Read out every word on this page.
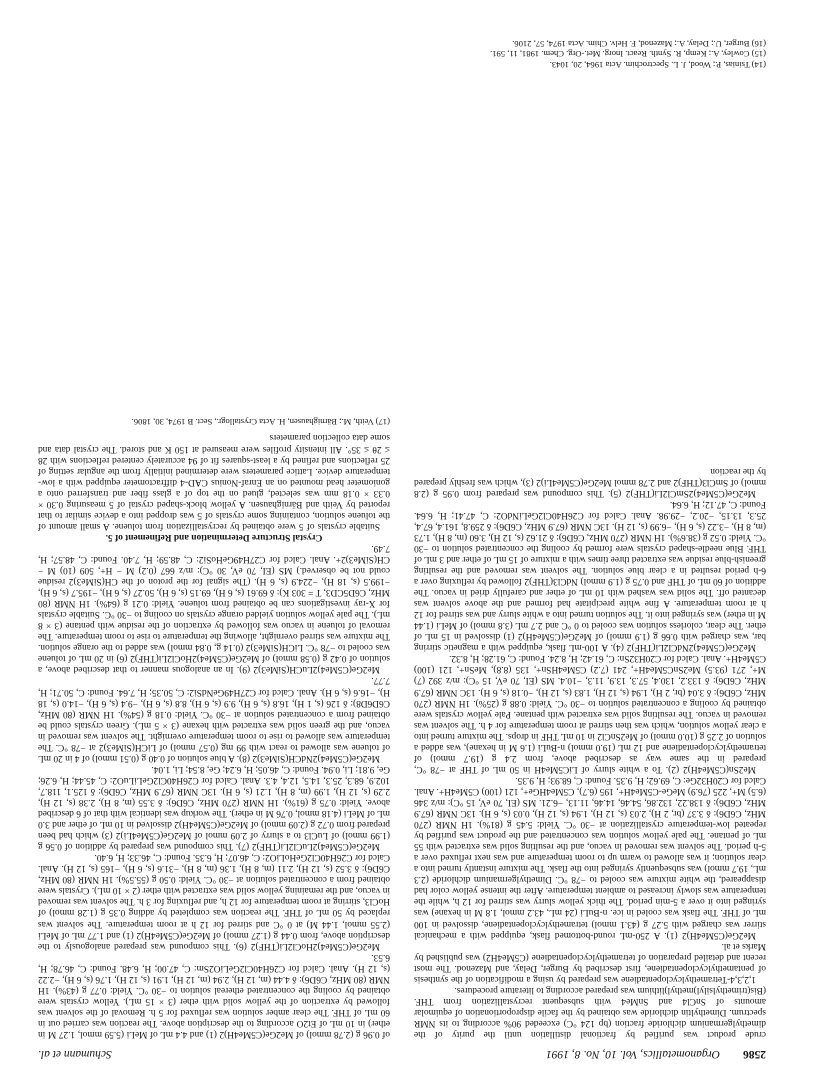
2586
Organometallics, Vol. 10, No. 8, 1991
Schumann et al.

crude product was purified by fractional distillation until the purity of the dimethylgermanium dichloride fraction (bp 124 °C) exceeded 90% according to its NMR spectrum. Dimethyltin dichloride was obtained by the facile disproportionation of equimolar amounts of SnCl4 and SnMe4 with subsequent recrystallization from THF. (Bis(trimethylsilyl)methyl)lithium was prepared according to literature procedures.

1,2,3,4-Tetramethylcyclopentadiene was prepared by using a modification of the synthesis of pentamethylcyclopentadiene, first described by Burger, Delay, and Mazenod. The most recent and detailed preparation of tetramethylcyclopentadiene (C5Me4H2) was published by Marks et al.

Me2Ge(C5Me4H)2 (1). A 250-mL round-bottomed flask, equipped with a mechanical stirrer was charged with 5.27 g (43.1 mmol) tetramethylcyclopentadiene, dissolved in 100 mL of THF. The flask was cooled in ice. n-BuLi (24 mL, 43.2 mmol, 1.8 M in hexane) was syringed into it over a 5-min period. The thick yellow slurry was stirred for 12 h, while the temperature was slowly increased to ambient temperature. After the intense yellow color had disappeared, the white mixture was cooled to −78 °C. Dimethylgermanium dichloride (2.3 mL, 19.7 mmol) was subsequently syringed into the flask. The mixture instantly turned into a clear solution; it was allowed to warm up to room temperature and was next refluxed over a 5-h period. The solvent was removed in vacuo, and the resulting solid was extracted with 55 mL of pentane. The pale yellow solution was concentrated and the product was purified by repeated low-temperature crystallization at −30 °C. Yield: 5.45 g (81%). 1H NMR (270 MHz, C6D6): δ 3.37 (br, 2 H), 2.03 (s, 12 H), 1.94 (s, 12 H), 0.03 (s, 6 H). 13C NMR (67.9 MHz, C6D6): δ 138.22, 132.86, 54.46, 14.46, 11.13, −6.21. MS (EI, 70 eV, 15 °C): m/z 346 (6.5) M+, 225 (76.9) MeGe-C5Me4H+, 195 (6.7), C5Me4HGe+, 121 (100) C5Me4H+. Anal. Calcd for C20H32Ge: C, 69.62; H, 9.35. Found: C, 68.93; H, 9.35.

Me2Sn(C5Me4H)2 (2). To a white slurry of LiC5Me4H in 50 mL of THF at −78 °C, prepared in the same way as described above, from 2.4 g (19.7 mmol) of tetramethylcyclopentadiene and 12 mL (19.0 mmol) n-BuLi (1.6 M in hexane), was added a solution of 2.25 g (10.0 mmol) of Me2SnCl2 in 10 mL THF in drops. The mixture turned into a clear yellow solution, which was then stirred at room temperature for 4 h. The solvent was removed in vacuo. The resulting solid was extracted with pentane. Pale yellow crystals were obtained by cooling a concentrated solution to −30 °C. Yield: 0.88 g (25%). 1H NMR (270 MHz, C6D6): δ 3.04 (br, 2 H), 1.94 (s, 12 H), 1.83 (s, 12 H), −0.18 (s, 6 H). 13C NMR (67.9 MHz, C6D6): δ 133.2, 130.4, 57.3, 13.9, 11.3, −10.4. MS (EI, 70 eV, 15 °C): m/z 392 (7) M+, 271 (93.5) Me2SnC5Me4H+, 241 (7.2) C5Me4HSn+, 135 (8.8), MeSn+, 121 (100) C5Me4H+. Anal. Calcd for C20H32Sn: C, 61.42; H, 8.24. Found: C, 61.28; H, 8.32.

Me2Ge(C5Me4)2NdCl2Li(THF)2 (4). A 100-mL flask, equipped with a magnetic stirring bar, was charged with 0.66 g (1.9 mmol) of Me2Ge(C5Me4H)2 (1) dissolved in 15 mL of ether. The clear, colorless solution was cooled to 0 °C and 2.7 mL (3.8 mmol) of MeLi (1.44 M in ether) was syringed into it. The solution turned into a white slurry and was stirred for 12 h at room temperature. A fine white precipitate had formed and the above solvent was decanted off. The solid was washed with 10 mL of ether and carefully dried in vacuo. The addition of 60 mL of THF and 0.75 g (1.9 mmol) NdCl3(THF)2 followed by refluxing over a 6-h period resulted in a clear blue solution. The solvent was removed and the resulting greenish-blue residue was extracted three times with a mixture of 15 mL of ether and 3 mL of THF. Blue needle-shaped crystals were formed by cooling the concentrated solution to −30 °C. Yield: 0.52 g (38.6%). 1H NMR (270 MHz, C6D6): δ 21.62 (s, 12 H), 3.60 (m, 8 H), 1.73 (m, 8 H), −3.22 (s, 6 H), −6.99 (s, 12 H). 13C NMR (67.9 MHz, C6D6): δ 259.8, 161.4, 67.4, 25.3, 13.15, −20.2, −29.98. Anal. Calcd for C26H40Cl2GeLiNdO2: C, 47.41; H, 6.64. Found: C, 47.12; H, 6.64.

Me2Ge(C5Me4)2SmCl2Li(THF)2 (5). This compound was prepared from 0.95 g (2.8 mmol) of SmCl3(THF)2 and 2.78 mmol Me2Ge(C5Me4Li)2 (3), which was freshly prepared by the reaction

(14) Tsinias, P.; Wood, J. L. Spectrochim. Acta 1964, 20, 1043.
(15) Cowley, A.; Kemp, R. Synth. React. Inorg. Met.-Org. Chem. 1981, 11, 591.
(16) Burger, U.; Delay, A.; Mazenod, F. Helv. Chim. Acta 1974, 57, 2106.

of 0.96 g (2.78 mmol) of Me2Ge(C5Me4H)2 (1) and 4.4 mL of MeLi (5.59 mmol, 1.27 M in ether) in 10 mL of Et2O according to the description above. The reaction was carried out in 60 mL of THF. The clear amber solution was refluxed for 5 h. Removal of the solvent was followed by extraction of the yellow solid with ether (3 × 15 mL). Yellow crystals were obtained by cooling the concentrated ethereal solution to −30 °C. Yield: 0.77 g (43%). 1H NMR (80 MHz, C6D6): δ 4.44 (m, 12 H), 2.94 (m, 12 H), 1.91 (s, 12 H), 1.76 (s, 6 H), −2.22 (s, 12 H). Anal. Calcd for C26H40Cl2GeLiO2Sm: C, 47.00; H, 6.48. Found: C, 46.78; H, 6.53.

Me2Ge(C5Me4)2HoCl2Li(THF)2 (6). This compound was prepared analogously to the description above, from 0.44 g (1.27 mmol) of Me2Ge(C5Me4H)2 (1) and 1.77 mL of MeLi (2.55 mmol, 1.44 M) at 0 °C and stirred for 12 h at room temperature. The solvent was replaced by 50 mL of THF. The reaction was completed by adding 0.35 g (1.28 mmol) of HoCl3, stirring at room temperature for 12 h, and refluxing for 3 h. The solvent was removed in vacuo, and the remaining yellow solid was extracted with ether (2 × 10 mL). Crystals were obtained from a concentrated solution at −30 °C. Yield: 0.50 g (55.5%). 1H NMR (80 MHz, C6D6): δ 3.52 (s, 12 H), 2.11 (m, 8 H), 1.36 (m, 8 H), −31.6 (s, 6 H), −165 (s, 12 H). Anal. Calcd for C26H40Cl2GeHoLiO2: C, 46.07; H, 6.35. Found: C, 46.33; H, 6.40.

Me2Ge(C5Me4)2LuCl2Li(THF)2 (7). This compound was prepared by addition of 0.56 g (1.99 mmol) of LuCl3 to a slurry of 2.09 mmol of Me2Ge(C5Me4Li)2 (3) which had been prepared from 0.72 g (2.09 mmol) of Me2Ge(C5Me4H)2 dissolved in 10 mL of ether and 3.0 mL of MeLi (4.18 mmol, 0.76 M in ether). The workup was identical with that of 6 described above. Yield: 0.75 g (61%). 1H NMR (270 MHz, C6D6): δ 3.55 (m, 8 H), 2.38 (s, 12 H), 2.29 (s, 12 H), 1.99 (m, 8 H), 1.21 (s, 6 H). 13C NMR (67.9 MHz, C6D6): δ 125.1, 118.7, 102.9, 68.3, 25.3, 14.5, 12.4, 4.3. Anal. Calcd for C26H40Cl2GeLiLuO2: C, 45.44; H, 6.26; Ge, 9.81; Li, 0.94. Found: C, 46.05; H, 6.24; Ge, 8.54; Li, 1.04.

Me2Ge(C5Me4)2NdCH(SiMe3)2 (8). A blue solution of 0.40 g (0.51 mmol) of 4 in 20 mL of toluene was allowed to react with 99 mg (0.57 mmol) of LiCH(SiMe3)2 at −78 °C. The temperature was allowed to rise to room temperature overnight. The solvent was removed in vacuo, and the green solid was extracted with hexane (3 × 5 mL). Green crystals could be obtained from a concentrated solution at −30 °C. Yield: 0.18 g (54%). 1H NMR (80 MHz, C6D6D8): δ 126 (s, 1 H), 16.8 (s, 6 H), 9.9 (s, 6 H), 8.8 (s, 6 H), −9.4 (s, 6 H), −14.0 (s, 18 H), −16.6 (s, 6 H). Anal. Calcd for C27H49GeNdSi2: C, 50.35; H, 7.64. Found: C, 50.71; H, 7.77.

Me2Ge(C5Me4)2LuCH(SiMe3)2 (9). In an analogous manner to that described above, a solution of 0.42 g (0.58 mmol) of Me2Ge(C5Me4)2HoCl2Li(THF)2 (6) in 20 mL of toluene was cooled to −78 °C. LiCH(SiMe3)2 (0.14 g, 0.84 mmol) was added to the orange solution. The mixture was stirred overnight, allowing the temperature to rise to room temperature. The removal of toluene in vacuo was followed by extraction of the residue with pentane (3 × 8 mL). The pale yellow solution yielded orange crystals on cooling to −30 °C. Suitable crystals for X-ray investigations can be obtained from toluene. Yield: 0.21 g (64%). 1H NMR (80 MHz, C6D5CD3, T = 303 K): δ 69.61 (s, 6 H), 69.15 (s, 6 H), 50.27 (s, 6 H), −195.7 (s, 6 H), −199.5 (s, 18 H), −224.9 (s, 6 H). (The signal for the proton of the CH(SiMe3)2 residue could not be observed.) MS (EI, 70 eV, 30 °C): m/z 667 (0.2) M − H+, 509 (10) M − CH(SiMe3)2+. Anal. Calcd for C27H49GeHoSi2: C, 48.59; H, 7.40. Found: C, 48.57; H, 7.49.

Crystal Structure Determination and Refinement of 5.

Suitable crystals of 5 were obtained by recrystallization from toluene. A small amount of the toluene solution, containing some crystals of 5 was dropped into a device similar to that reported by Veith and Bärnighausen. A yellow block-shaped crystal of 5 measuring 0.30 × 0.33 × 0.18 mm was selected, glued on the top of a glass fiber and transferred onto a goniometer head mounted on an Enraf-Nonius CAD-4 diffractometer equipped with a low-temperature device. Lattice parameters were determined initially from the angular setting of 25 reflections and refined by a least-squares fit of 94 accurately centered reflections with 28 ≤ 2θ ≤ 35°. All intensity profiles were measured at 150 K and stored. The crystal data and some data collection parameters

(17) Veith, M.; Bärnighausen, H. Acta Crystallogr., Sect. B 1974, 30, 1806.
